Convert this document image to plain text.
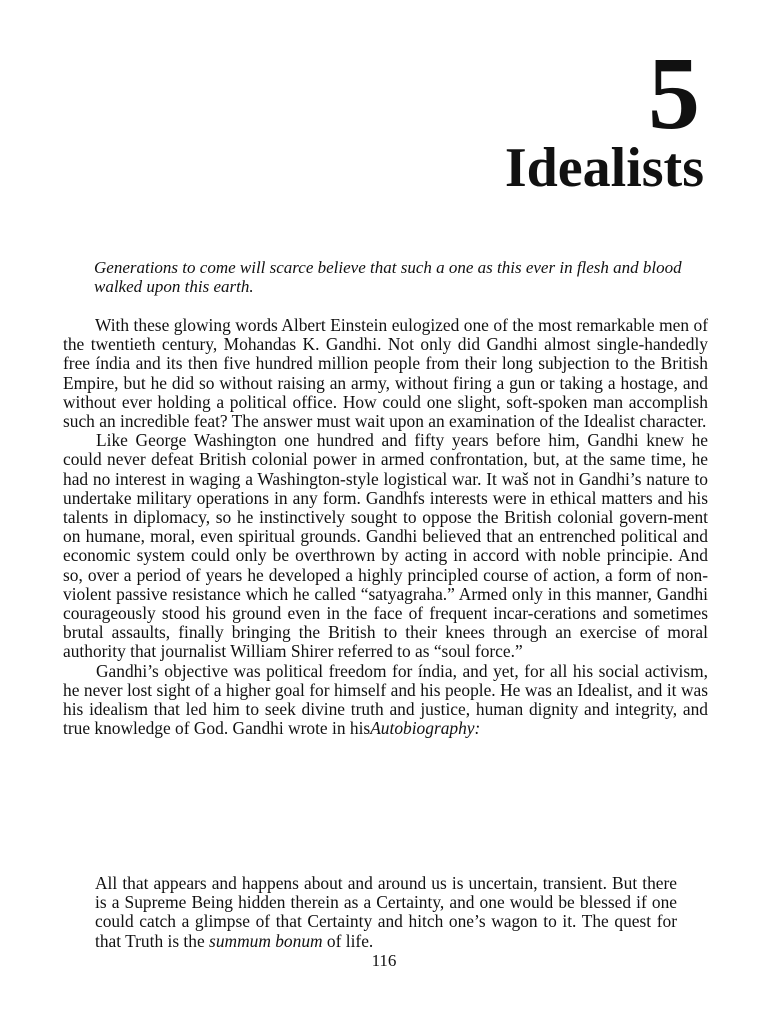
5
Idealists

Generations to come will scarce believe that such a one as this ever in flesh and blood walked upon this earth.

With these glowing words Albert Einstein eulogized one of the most remarkable men of the twentieth century, Mohandas K. Gandhi. Not only did Gandhi almost single-handedly free índia and its then five hundred million people from their long subjection to the British Empire, but he did so without raising an army, without firing a gun or taking a hostage, and without ever holding a political office. How could one slight, soft-spoken man accomplish such an incredible feat? The answer must wait upon an examination of the Idealist character.

Like George Washington one hundred and fifty years before him, Gandhi knew he could never defeat British colonial power in armed confrontation, but, at the same time, he had no interest in waging a Washington-style logistical war. It waš not in Gandhi’s nature to undertake military operations in any form. Gandhfs interests were in ethical matters and his talents in diplomacy, so he instinctively sought to oppose the British colonial govern-ment on humane, moral, even spiritual grounds. Gandhi believed that an entrenched political and economic system could only be overthrown by acting in accord with noble principie. And so, over a period of years he developed a highly principled course of action, a form of non-violent passive resistance which he called “satyagraha.” Armed only in this manner, Gandhi courageously stood his ground even in the face of frequent incar-cerations and sometimes brutal assaults, finally bringing the British to their knees through an exercise of moral authority that journalist William Shirer referred to as “soul force.”

Gandhi’s objective was political freedom for índia, and yet, for all his social activism, he never lost sight of a higher goal for himself and his people. He was an Idealist, and it was his idealism that led him to seek divine truth and justice, human dignity and integrity, and true knowledge of God. Gandhi wrote in hisAutobiography:

All that appears and happens about and around us is uncertain, transient. But there is a Supreme Being hidden therein as a Certainty, and one would be blessed if one could catch a glimpse of that Certainty and hitch one’s wagon to it. The quest for that Truth is the summum bonum of life.

116
